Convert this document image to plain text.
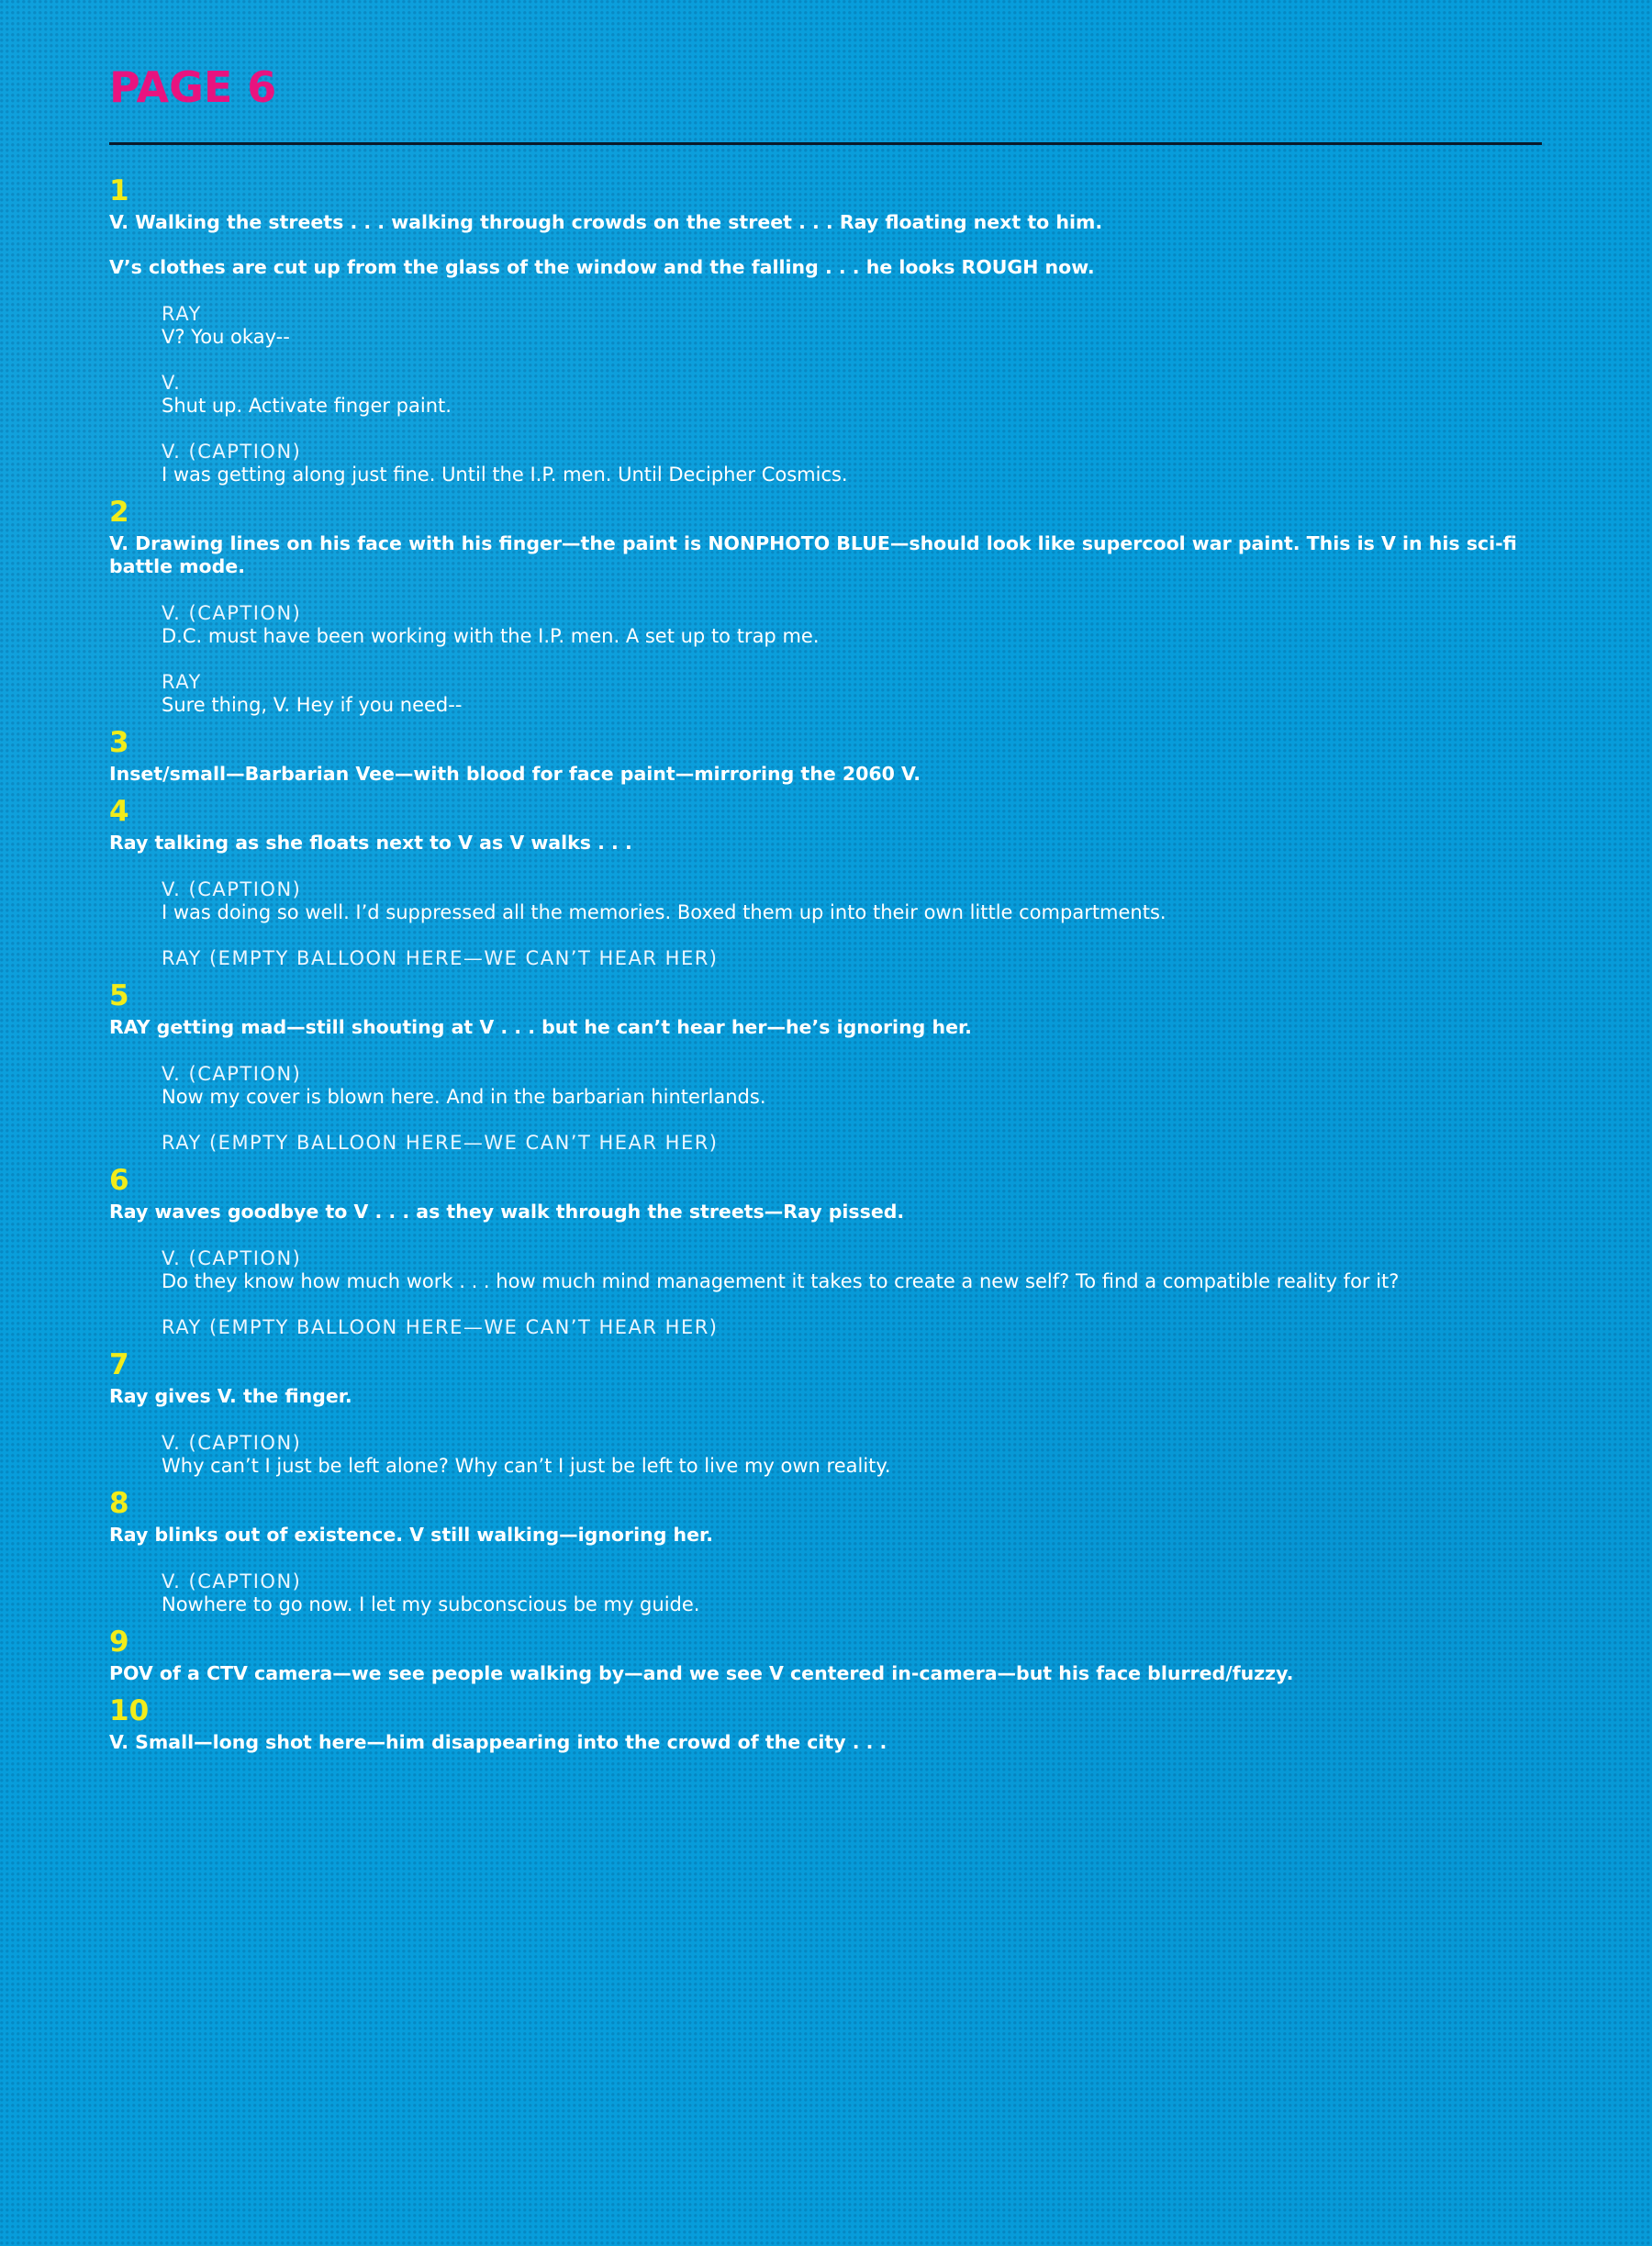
PAGE 6
1

V. Walking the streets . . . walking through crowds on the street . . . Ray floating next to him.

V’s clothes are cut up from the glass of the window and the falling . . . he looks ROUGH now.

RAY
V? You okay--
V.
Shut up. Activate finger paint.
V. (CAPTION)
I was getting along just fine. Until the I.P. men. Until Decipher Cosmics.
2

V. Drawing lines on his face with his finger—the paint is NONPHOTO BLUE—should look like supercool war paint. This is V in his sci-fi battle mode.

V. (CAPTION)
D.C. must have been working with the I.P. men. A set up to trap me.
RAY
Sure thing, V. Hey if you need--
3

Inset/small—Barbarian Vee—with blood for face paint—mirroring the 2060 V.

4

Ray talking as she floats next to V as V walks . . .

V. (CAPTION)
I was doing so well. I’d suppressed all the memories. Boxed them up into their own little compartments.
RAY (EMPTY BALLOON HERE—WE CAN’T HEAR HER)
5

RAY getting mad—still shouting at V . . . but he can’t hear her—he’s ignoring her.

V. (CAPTION)
Now my cover is blown here. And in the barbarian hinterlands.
RAY (EMPTY BALLOON HERE—WE CAN’T HEAR HER)
6

Ray waves goodbye to V . . . as they walk through the streets—Ray pissed.

V. (CAPTION)
Do they know how much work . . . how much mind management it takes to create a new self? To find a compatible reality for it?
RAY (EMPTY BALLOON HERE—WE CAN’T HEAR HER)
7

Ray gives V. the finger.

V. (CAPTION)
Why can’t I just be left alone? Why can’t I just be left to live my own reality.
8

Ray blinks out of existence. V still walking—ignoring her.

V. (CAPTION)
Nowhere to go now. I let my subconscious be my guide.
9

POV of a CTV camera—we see people walking by—and we see V centered in-camera—but his face blurred/fuzzy.

10

V. Small—long shot here—him disappearing into the crowd of the city . . .
